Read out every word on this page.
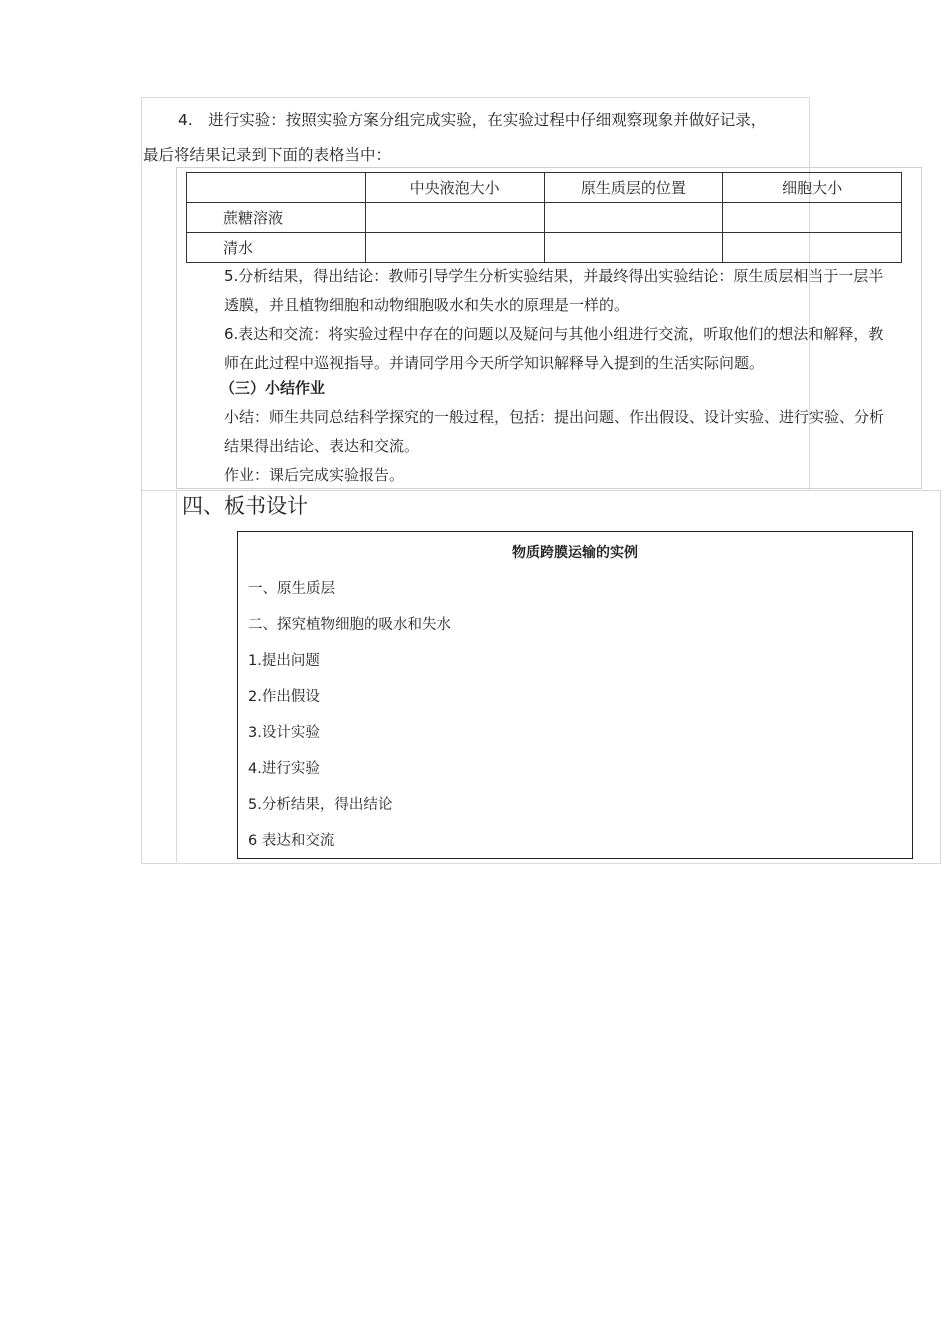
4.　进行实验：按照实验方案分组完成实验，在实验过程中仔细观察现象并做好记录，
最后将结果记录到下面的表格当中：
	中央液泡大小	原生质层的位置	细胞大小
蔗糖溶液			
清水			
5.分析结果，得出结论：教师引导学生分析实验结果，并最终得出实验结论：原生质层相当于一层半透膜，并且植物细胞和动物细胞吸水和失水的原理是一样的。
6.表达和交流：将实验过程中存在的问题以及疑问与其他小组进行交流，听取他们的想法和解释，教师在此过程中巡视指导。并请同学用今天所学知识解释导入提到的生活实际问题。
（三）小结作业
小结：师生共同总结科学探究的一般过程，包括：提出问题、作出假设、设计实验、进行实验、分析结果得出结论、表达和交流。
作业：课后完成实验报告。
四、板书设计
物质跨膜运输的实例
一、原生质层
二、探究植物细胞的吸水和失水
1.提出问题
2.作出假设
3.设计实验
4.进行实验
5.分析结果，得出结论
6 表达和交流
